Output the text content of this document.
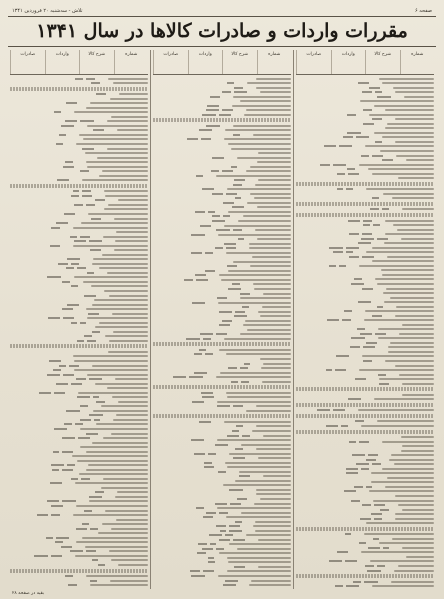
صفحه ۶
تلاش - سه‌شنبه ۲۰ فروردین ۱۳۴۱
مقررات واردات و صادرات کالاها در سال ۱۳۴۱
شماره
شرح کالا
واردات
صادرات
شماره
شرح کالا
واردات
صادرات
شماره
شرح کالا
واردات
صادرات
بقیه در صفحه ۲۸
